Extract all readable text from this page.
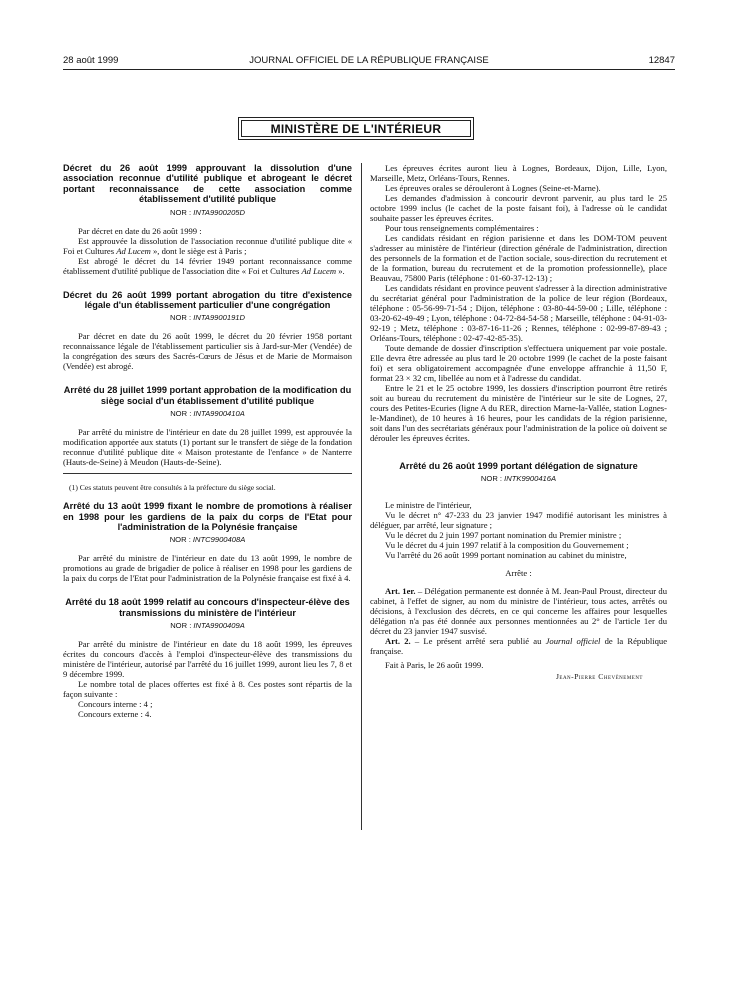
28 août 1999	JOURNAL OFFICIEL DE LA RÉPUBLIQUE FRANÇAISE	12847
MINISTÈRE DE L'INTÉRIEUR
Décret du 26 août 1999 approuvant la dissolution d'une association reconnue d'utilité publique et abrogeant le décret portant reconnaissance de cette association comme établissement d'utilité publique
NOR : INTA9900205D

Par décret en date du 26 août 1999 :

Est approuvée la dissolution de l'association reconnue d'utilité publique dite « Foi et Cultures Ad Lucem », dont le siège est à Paris ;

Est abrogé le décret du 14 février 1949 portant reconnaissance comme établissement d'utilité publique de l'association dite « Foi et Cultures Ad Lucem ».

Décret du 26 août 1999 portant abrogation du titre d'existence légale d'un établissement particulier d'une congrégation
NOR : INTA9900191D

Par décret en date du 26 août 1999, le décret du 20 février 1958 portant reconnaissance légale de l'établissement particulier sis à Jard-sur-Mer (Vendée) de la congrégation des sœurs des Sacrés-Cœurs de Jésus et de Marie de Mormaison (Vendée) est abrogé.

Arrêté du 28 juillet 1999 portant approbation de la modification du siège social d'un établissement d'utilité publique
NOR : INTA9900410A

Par arrêté du ministre de l'intérieur en date du 28 juillet 1999, est approuvée la modification apportée aux statuts (1) portant sur le transfert de siège de la fondation reconnue d'utilité publique dite « Maison protestante de l'enfance » de Nanterre (Hauts-de-Seine) à Meudon (Hauts-de-Seine).

(1) Ces statuts peuvent être consultés à la préfecture du siège social.

Arrêté du 13 août 1999 fixant le nombre de promotions à réaliser en 1998 pour les gardiens de la paix du corps de l'Etat pour l'administration de la Polynésie française
NOR : INTC9900408A

Par arrêté du ministre de l'intérieur en date du 13 août 1999, le nombre de promotions au grade de brigadier de police à réaliser en 1998 pour les gardiens de la paix du corps de l'Etat pour l'administration de la Polynésie française est fixé à 4.

Arrêté du 18 août 1999 relatif au concours d'inspecteur-élève des transmissions du ministère de l'intérieur
NOR : INTA9900409A

Par arrêté du ministre de l'intérieur en date du 18 août 1999, les épreuves écrites du concours d'accès à l'emploi d'inspecteur-élève des transmissions du ministère de l'intérieur, autorisé par l'arrêté du 16 juillet 1999, auront lieu les 7, 8 et 9 décembre 1999.

Le nombre total de places offertes est fixé à 8. Ces postes sont répartis de la façon suivante :

Concours interne : 4 ;

Concours externe : 4.

Les épreuves écrites auront lieu à Lognes, Bordeaux, Dijon, Lille, Lyon, Marseille, Metz, Orléans-Tours, Rennes.

Les épreuves orales se dérouleront à Lognes (Seine-et-Marne).

Les demandes d'admission à concourir devront parvenir, au plus tard le 25 octobre 1999 inclus (le cachet de la poste faisant foi), à l'adresse où le candidat souhaite passer les épreuves écrites.

Pour tous renseignements complémentaires :

Les candidats résidant en région parisienne et dans les DOM-TOM peuvent s'adresser au ministère de l'intérieur (direction générale de l'administration, direction des personnels de la formation et de l'action sociale, sous-direction du recrutement et de la formation, bureau du recrutement et de la promotion professionnelle), place Beauvau, 75800 Paris (téléphone : 01-60-37-12-13) ;

Les candidats résidant en province peuvent s'adresser à la direction administrative du secrétariat général pour l'administration de la police de leur région (Bordeaux, téléphone : 05-56-99-71-54 ; Dijon, téléphone : 03-80-44-59-00 ; Lille, téléphone : 03-20-62-49-49 ; Lyon, téléphone : 04-72-84-54-58 ; Marseille, téléphone : 04-91-03-92-19 ; Metz, téléphone : 03-87-16-11-26 ; Rennes, téléphone : 02-99-87-89-43 ; Orléans-Tours, téléphone : 02-47-42-85-35).

Toute demande de dossier d'inscription s'effectuera uniquement par voie postale. Elle devra être adressée au plus tard le 20 octobre 1999 (le cachet de la poste faisant foi) et sera obligatoirement accompagnée d'une enveloppe affranchie à 11,50 F, format 23 × 32 cm, libellée au nom et à l'adresse du candidat.

Entre le 21 et le 25 octobre 1999, les dossiers d'inscription pourront être retirés soit au bureau du recrutement du ministère de l'intérieur sur le site de Lognes, 27, cours des Petites-Ecuries (ligne A du RER, direction Marne-la-Vallée, station Lognes-le-Mandinet), de 10 heures à 16 heures, pour les candidats de la région parisienne, soit dans l'un des secrétariats généraux pour l'administration de la police où doivent se dérouler les épreuves écrites.

Arrêté du 26 août 1999 portant délégation de signature
NOR : INTK9900416A

Le ministre de l'intérieur,

Vu le décret n° 47-233 du 23 janvier 1947 modifié autorisant les ministres à déléguer, par arrêté, leur signature ;

Vu le décret du 2 juin 1997 portant nomination du Premier ministre ;

Vu le décret du 4 juin 1997 relatif à la composition du Gouvernement ;

Vu l'arrêté du 26 août 1999 portant nomination au cabinet du ministre,

Arrête :

Art. 1er. – Délégation permanente est donnée à M. Jean-Paul Proust, directeur du cabinet, à l'effet de signer, au nom du ministre de l'intérieur, tous actes, arrêtés ou décisions, à l'exclusion des décrets, en ce qui concerne les affaires pour lesquelles délégation n'a pas été donnée aux personnes mentionnées au 2° de l'article 1er du décret du 23 janvier 1947 susvisé.

Art. 2. – Le présent arrêté sera publié au Journal officiel de la République française.

Fait à Paris, le 26 août 1999.

Jean-Pierre Chevènement
